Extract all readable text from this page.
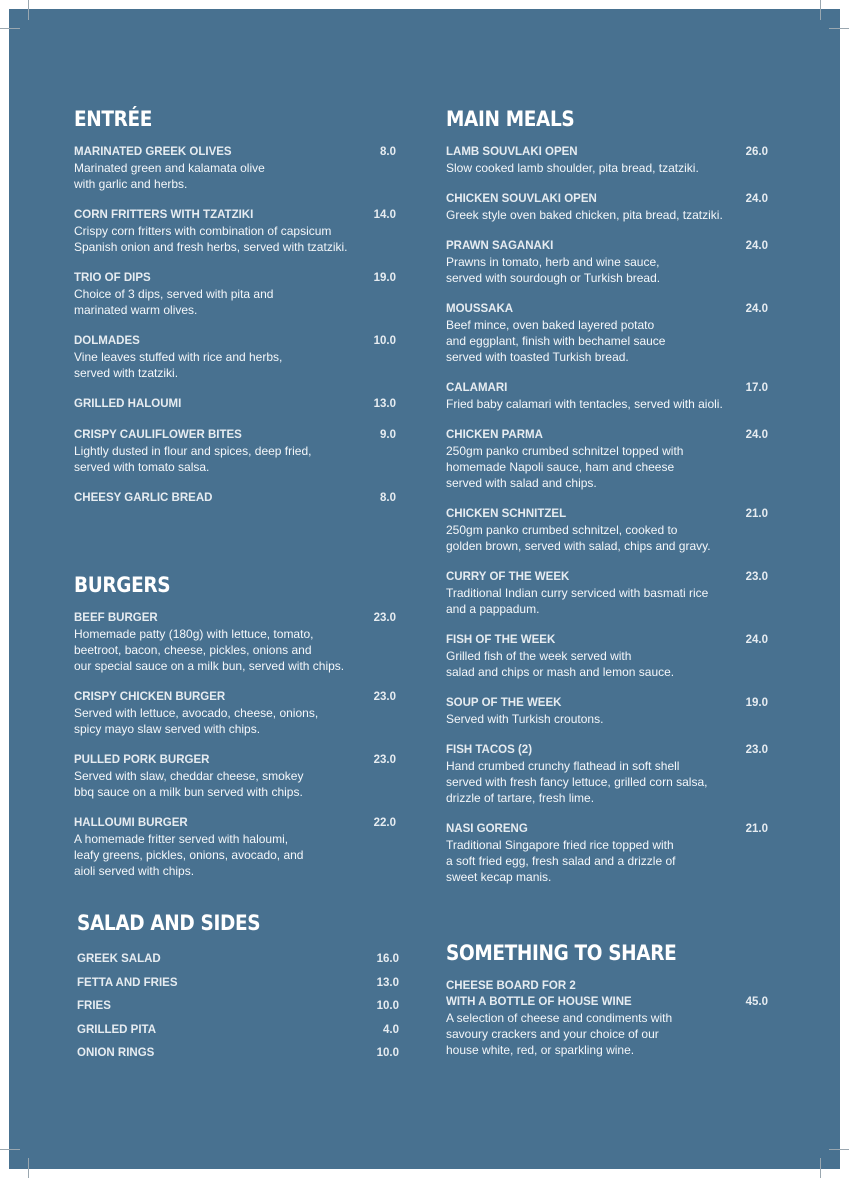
ENTRÉE
MARINATED GREEK OLIVES	8.0
Marinated green and kalamata olive
with garlic and herbs.
CORN FRITTERS WITH TZATZIKI	14.0
Crispy corn fritters with combination of capsicum
Spanish onion and fresh herbs, served with tzatziki.
TRIO OF DIPS	19.0
Choice of 3 dips, served with pita and
marinated warm olives.
DOLMADES	10.0
Vine leaves stuffed with rice and herbs,
served with tzatziki.
GRILLED HALOUMI	13.0
CRISPY CAULIFLOWER BITES	9.0
Lightly dusted in flour and spices, deep fried,
served with tomato salsa.
CHEESY GARLIC BREAD	8.0
BURGERS
BEEF BURGER	23.0
Homemade patty (180g) with lettuce, tomato,
beetroot, bacon, cheese, pickles, onions and
our special sauce on a milk bun, served with chips.
CRISPY CHICKEN BURGER	23.0
Served with lettuce, avocado, cheese, onions,
spicy mayo slaw served with chips.
PULLED PORK BURGER	23.0
Served with slaw, cheddar cheese, smokey
bbq sauce on a milk bun served with chips.
HALLOUMI BURGER	22.0
A homemade fritter served with haloumi,
leafy greens, pickles, onions, avocado, and
aioli served with chips.
SALAD AND SIDES
GREEK SALAD	16.0
FETTA AND FRIES	13.0
FRIES	10.0
GRILLED PITA	4.0
ONION RINGS	10.0
MAIN MEALS
LAMB SOUVLAKI OPEN	26.0
Slow cooked lamb shoulder, pita bread, tzatziki.
CHICKEN SOUVLAKI OPEN	24.0
Greek style oven baked chicken, pita bread, tzatziki.
PRAWN SAGANAKI	24.0
Prawns in tomato, herb and wine sauce,
served with sourdough or Turkish bread.
MOUSSAKA	24.0
Beef mince, oven baked layered potato
and eggplant, finish with bechamel sauce
served with toasted Turkish bread.
CALAMARI	17.0
Fried baby calamari with tentacles, served with aioli.
CHICKEN PARMA	24.0
250gm panko crumbed schnitzel topped with
homemade Napoli sauce, ham and cheese
served with salad and chips.
CHICKEN SCHNITZEL	21.0
250gm panko crumbed schnitzel, cooked to
golden brown, served with salad, chips and gravy.
CURRY OF THE WEEK	23.0
Traditional Indian curry serviced with basmati rice
and a pappadum.
FISH OF THE WEEK	24.0
Grilled fish of the week served with
salad and chips or mash and lemon sauce.
SOUP OF THE WEEK	19.0
Served with Turkish croutons.
FISH TACOS (2)	23.0
Hand crumbed crunchy flathead in soft shell
served with fresh fancy lettuce, grilled corn salsa,
drizzle of tartare, fresh lime.
NASI GORENG	21.0
Traditional Singapore fried rice topped with
a soft fried egg, fresh salad and a drizzle of
sweet kecap manis.
SOMETHING TO SHARE
CHEESE BOARD FOR 2
WITH A BOTTLE OF HOUSE WINE	45.0
A selection of cheese and condiments with
savoury crackers and your choice of our
house white, red, or sparkling wine.
